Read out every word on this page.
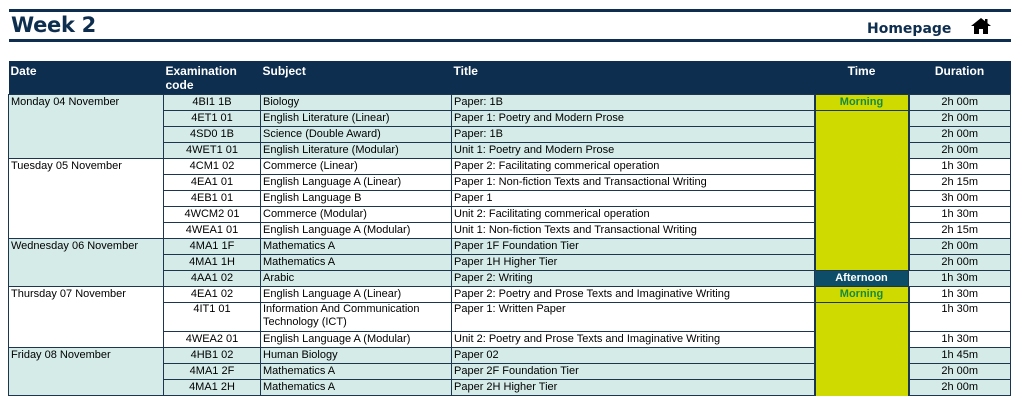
Week 2	Homepage
Date	Examination code	Subject	Title	Time	Duration
Monday 04 November	4BI1 1B	Biology	Paper: 1B	Morning	2h 00m
	4ET1 01	English Literature (Linear)	Paper 1: Poetry and Modern Prose		2h 00m
	4SD0 1B	Science (Double Award)	Paper: 1B		2h 00m
	4WET1 01	English Literature (Modular)	Unit 1: Poetry and Modern Prose		2h 00m
Tuesday 05 November	4CM1 02	Commerce (Linear)	Paper 2: Facilitating commerical operation		1h 30m
	4EA1 01	English Language A (Linear)	Paper 1: Non-fiction Texts and Transactional Writing		2h 15m
	4EB1 01	English Language B	Paper 1		3h 00m
	4WCM2 01	Commerce (Modular)	Unit 2: Facilitating commerical operation		1h 30m
	4WEA1 01	English Language A (Modular)	Unit 1: Non-fiction Texts and Transactional Writing		2h 15m
Wednesday 06 November	4MA1 1F	Mathematics A	Paper 1F Foundation Tier		2h 00m
	4MA1 1H	Mathematics A	Paper 1H Higher Tier		2h 00m
	4AA1 02	Arabic	Paper 2: Writing	Afternoon	1h 30m
Thursday 07 November	4EA1 02	English Language A (Linear)	Paper 2: Poetry and Prose Texts and Imaginative Writing	Morning	1h 30m
	4IT1 01	Information And Communication Technology (ICT)	Paper 1: Written Paper		1h 30m
	4WEA2 01	English Language A (Modular)	Unit 2: Poetry and Prose Texts and Imaginative Writing		1h 30m
Friday 08 November	4HB1 02	Human Biology	Paper 02		1h 45m
	4MA1 2F	Mathematics A	Paper 2F Foundation Tier		2h 00m
	4MA1 2H	Mathematics A	Paper 2H Higher Tier		2h 00m
